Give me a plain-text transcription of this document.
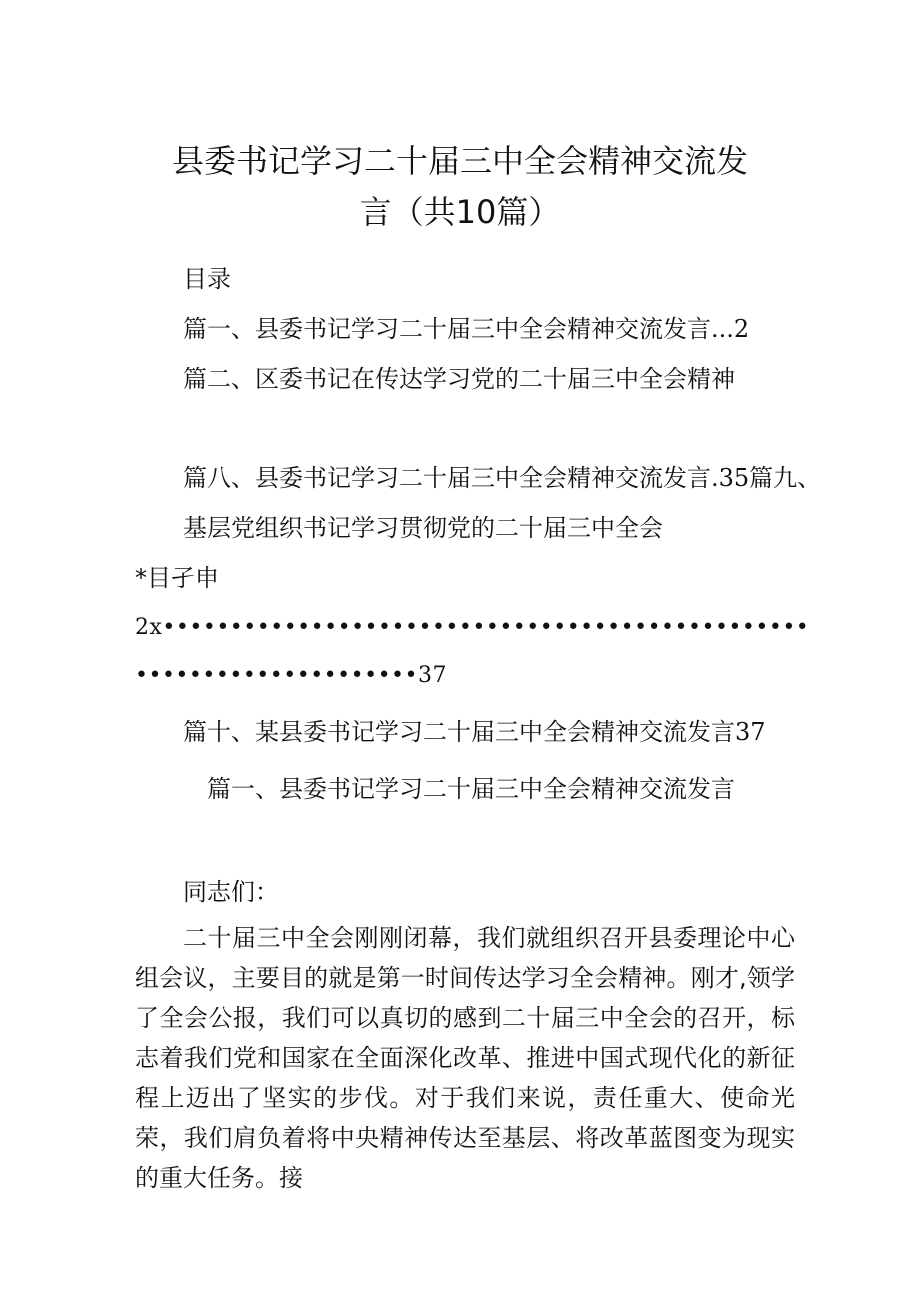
县委书记学习二十届三中全会精神交流发
言（共10篇）
目录
篇一、县委书记学习二十届三中全会精神交流发言...2
篇二、区委书记在传达学习党的二十届三中全会精神
篇八、县委书记学习二十届三中全会精神交流发言.35篇九、
基层党组织书记学习贯彻党的二十届三中全会
*目孑申
2x••••••••••••••••••••••••••••••••••••••••••••••••
•••••••••••••••••••••37
篇十、某县委书记学习二十届三中全会精神交流发言37
篇一、县委书记学习二十届三中全会精神交流发言
同志们：
二十届三中全会刚刚闭幕，我们就组织召开县委理论中心组会议，主要目的就是第一时间传达学习全会精神。刚才,领学了全会公报，我们可以真切的感到二十届三中全会的召开，标志着我们党和国家在全面深化改革、推进中国式现代化的新征程上迈出了坚实的步伐。对于我们来说，责任重大、使命光荣，我们肩负着将中央精神传达至基层、将改革蓝图变为现实的重大任务。接
